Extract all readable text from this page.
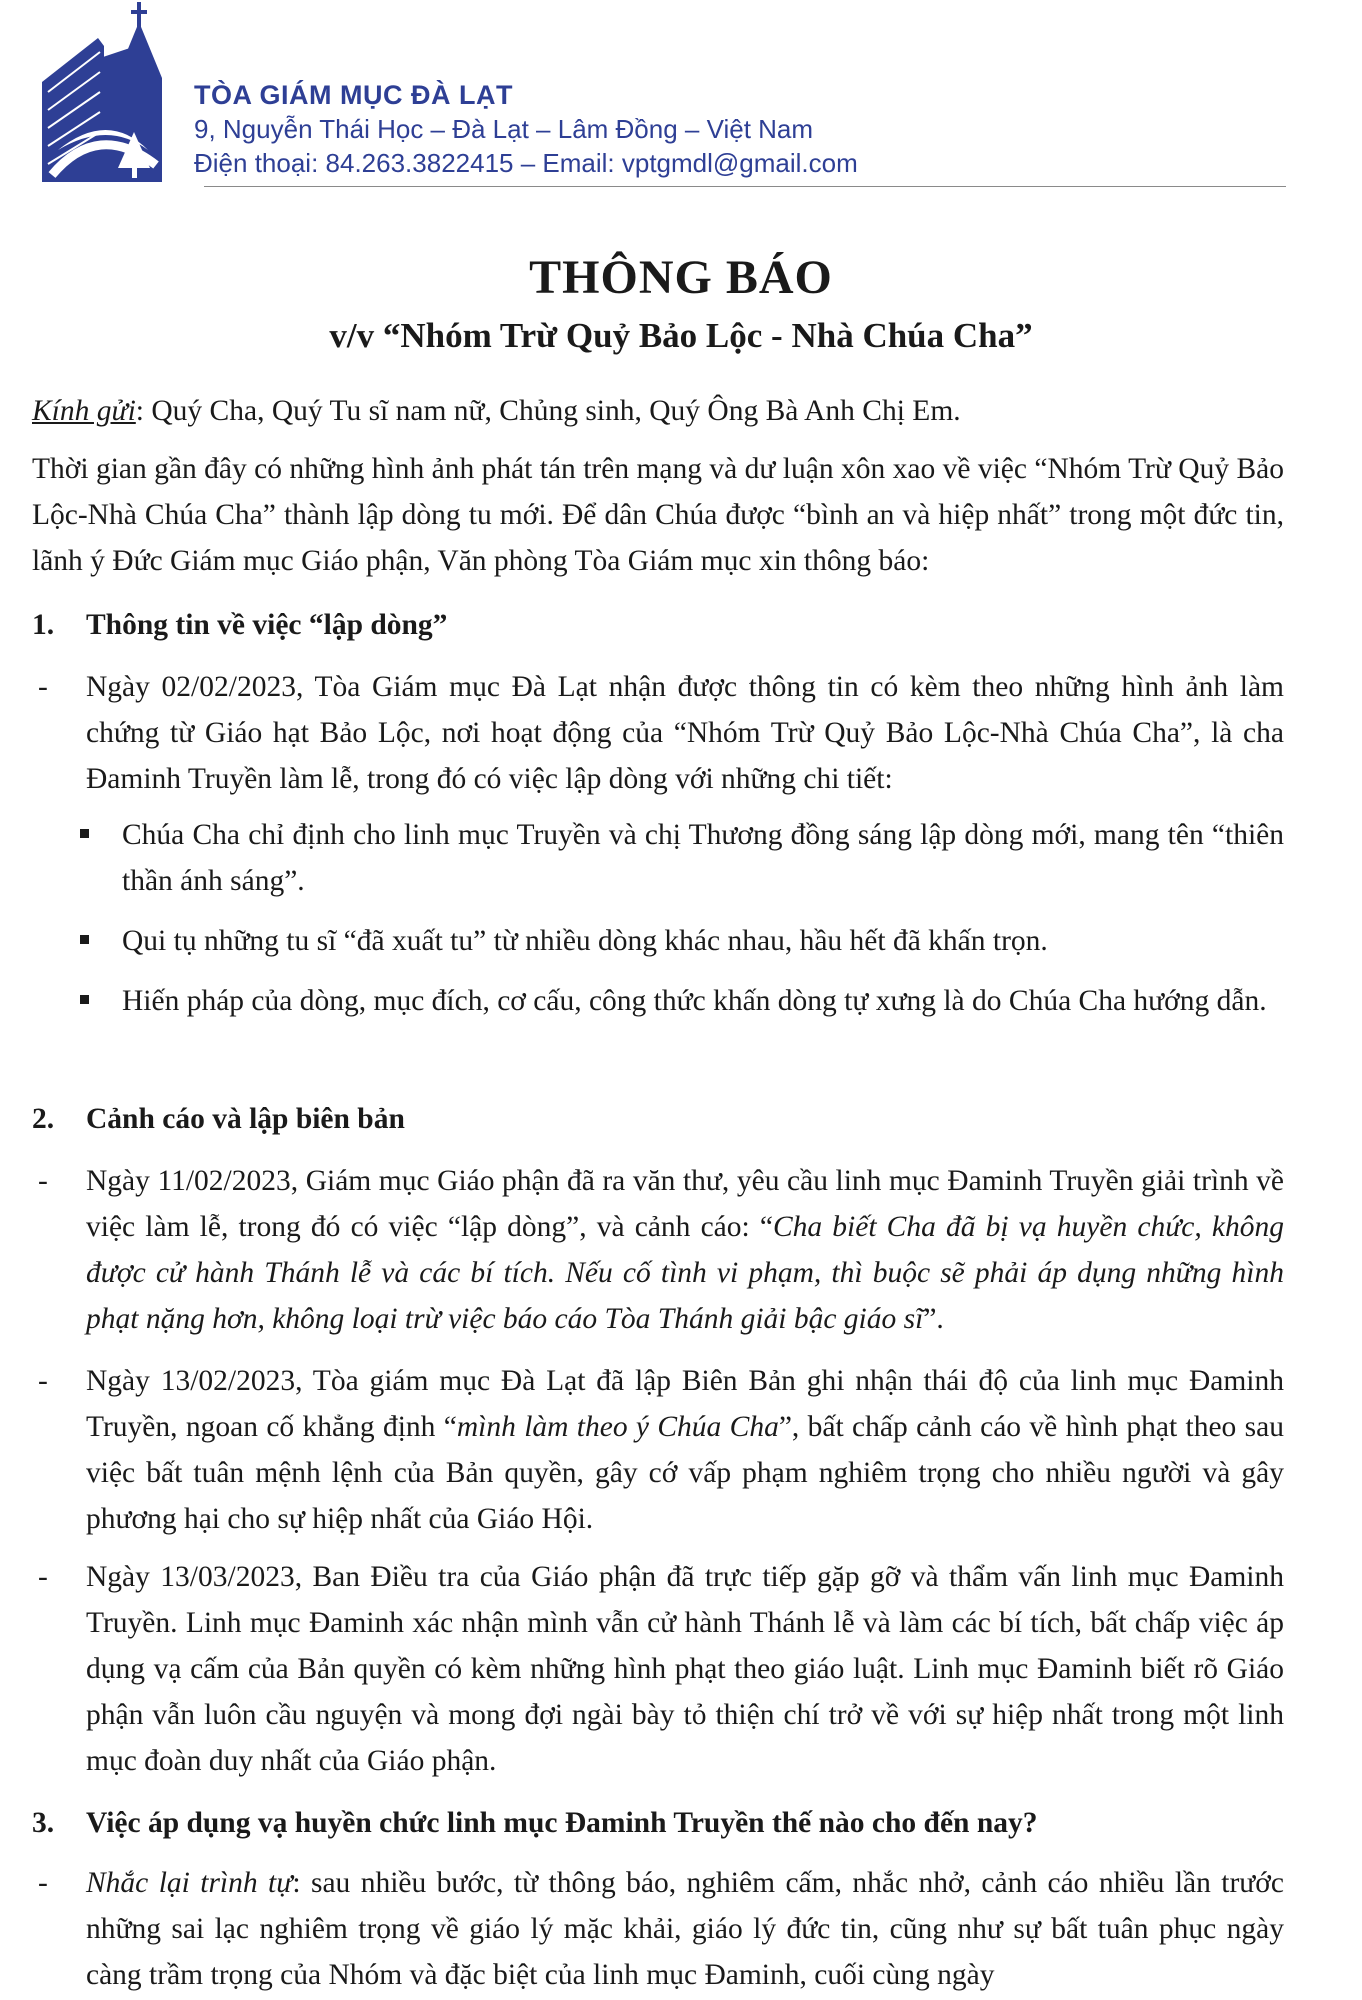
TÒA GIÁM MỤC ĐÀ LẠT
9, Nguyễn Thái Học – Đà Lạt – Lâm Đồng – Việt Nam
Điện thoại: 84.263.3822415 – Email: vptgmdl@gmail.com
THÔNG BÁO
v/v “Nhóm Trừ Quỷ Bảo Lộc - Nhà Chúa Cha”

Kính gửi: Quý Cha, Quý Tu sĩ nam nữ, Chủng sinh, Quý Ông Bà Anh Chị Em.

Thời gian gần đây có những hình ảnh phát tán trên mạng và dư luận xôn xao về việc “Nhóm Trừ Quỷ Bảo Lộc-Nhà Chúa Cha” thành lập dòng tu mới. Để dân Chúa được “bình an và hiệp nhất” trong một đức tin, lãnh ý Đức Giám mục Giáo phận, Văn phòng Tòa Giám mục xin thông báo:

1. Thông tin về việc “lập dòng”
- Ngày 02/02/2023, Tòa Giám mục Đà Lạt nhận được thông tin có kèm theo những hình ảnh làm chứng từ Giáo hạt Bảo Lộc, nơi hoạt động của “Nhóm Trừ Quỷ Bảo Lộc-Nhà Chúa Cha”, là cha Đaminh Truyền làm lễ, trong đó có việc lập dòng với những chi tiết:

Chúa Cha chỉ định cho linh mục Truyền và chị Thương đồng sáng lập dòng mới, mang tên “thiên thần ánh sáng”.

Qui tụ những tu sĩ “đã xuất tu” từ nhiều dòng khác nhau, hầu hết đã khấn trọn.

Hiến pháp của dòng, mục đích, cơ cấu, công thức khấn dòng tự xưng là do Chúa Cha hướng dẫn.

2. Cảnh cáo và lập biên bản
- Ngày 11/02/2023, Giám mục Giáo phận đã ra văn thư, yêu cầu linh mục Đaminh Truyền giải trình về việc làm lễ, trong đó có việc “lập dòng”, và cảnh cáo: “Cha biết Cha đã bị vạ huyền chức, không được cử hành Thánh lễ và các bí tích. Nếu cố tình vi phạm, thì buộc sẽ phải áp dụng những hình phạt nặng hơn, không loại trừ việc báo cáo Tòa Thánh giải bậc giáo sĩ”.

- Ngày 13/02/2023, Tòa giám mục Đà Lạt đã lập Biên Bản ghi nhận thái độ của linh mục Đaminh Truyền, ngoan cố khẳng định “mình làm theo ý Chúa Cha”, bất chấp cảnh cáo về hình phạt theo sau việc bất tuân mệnh lệnh của Bản quyền, gây cớ vấp phạm nghiêm trọng cho nhiều người và gây phương hại cho sự hiệp nhất của Giáo Hội.

- Ngày 13/03/2023, Ban Điều tra của Giáo phận đã trực tiếp gặp gỡ và thẩm vấn linh mục Đaminh Truyền. Linh mục Đaminh xác nhận mình vẫn cử hành Thánh lễ và làm các bí tích, bất chấp việc áp dụng vạ cấm của Bản quyền có kèm những hình phạt theo giáo luật. Linh mục Đaminh biết rõ Giáo phận vẫn luôn cầu nguyện và mong đợi ngài bày tỏ thiện chí trở về với sự hiệp nhất trong một linh mục đoàn duy nhất của Giáo phận.

3. Việc áp dụng vạ huyền chức linh mục Đaminh Truyền thế nào cho đến nay?
- Nhắc lại trình tự: sau nhiều bước, từ thông báo, nghiêm cấm, nhắc nhở, cảnh cáo nhiều lần trước những sai lạc nghiêm trọng về giáo lý mặc khải, giáo lý đức tin, cũng như sự bất tuân phục ngày càng trầm trọng của Nhóm và đặc biệt của linh mục Đaminh, cuối cùng ngày
